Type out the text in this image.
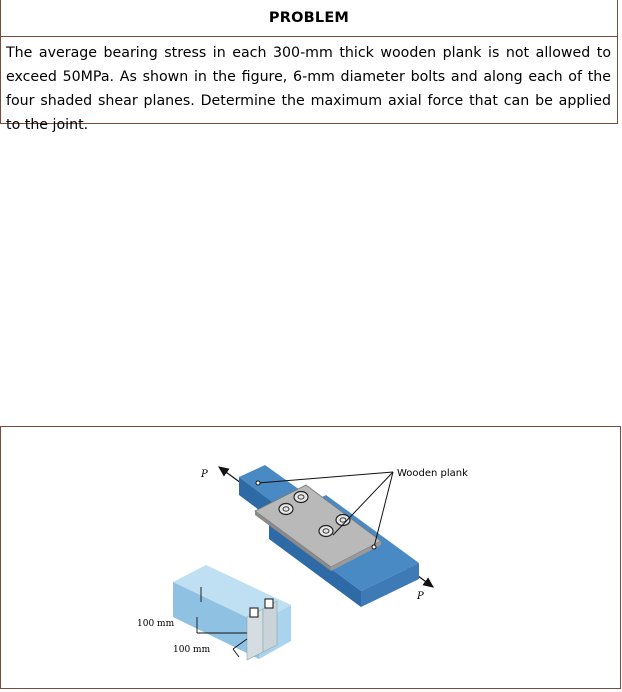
PROBLEM
The average bearing stress in each 300-mm thick wooden plank is not allowed to exceed 50MPa. As shown in the figure, 6-mm diameter bolts and along each of the four shaded shear planes. Determine the maximum axial force that can be applied to the joint.
Wooden plank
P
P
100 mm
100 mm
